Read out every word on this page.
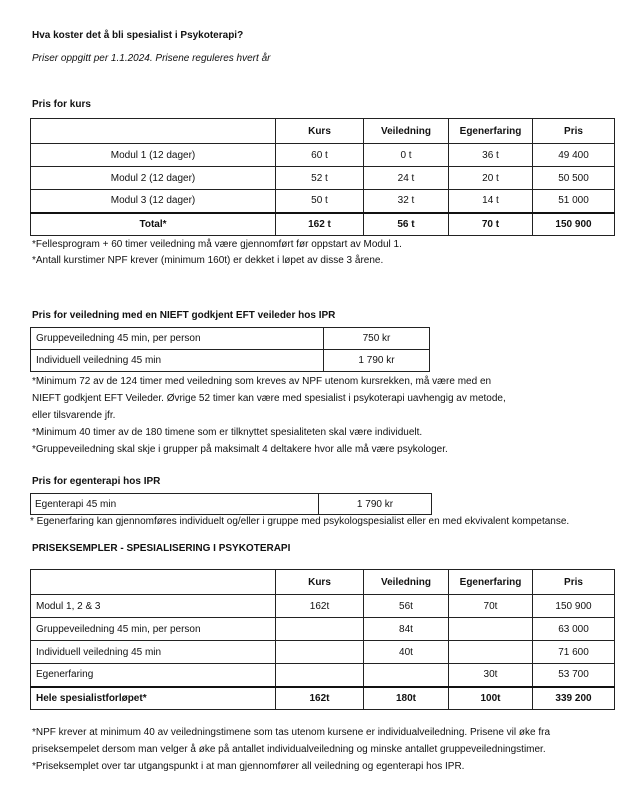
Hva koster det å bli spesialist i Psykoterapi?
Priser oppgitt per 1.1.2024. Prisene reguleres hvert år
Pris for kurs
	Kurs	Veiledning	Egenerfaring	Pris
Modul 1 (12 dager)	60 t	0 t	36 t	49 400
Modul 2 (12 dager)	52 t	24 t	20 t	50 500
Modul 3 (12 dager)	50 t	32 t	14 t	51 000
Total*	162 t	56 t	70 t	150 900
*Fellesprogram + 60 timer veiledning må være gjennomført før oppstart av Modul 1.
*Antall kurstimer NPF krever (minimum 160t) er dekket i løpet av disse 3 årene.
Pris for veiledning med en NIEFT godkjent EFT veileder hos IPR
Gruppeveiledning 45 min, per person	750 kr
Individuell veiledning 45 min	1 790 kr
*Minimum 72 av de 124 timer med veiledning som kreves av NPF utenom kursrekken, må være med en
NIEFT godkjent EFT Veileder. Øvrige 52 timer kan være med spesialist i psykoterapi uavhengig av metode,
eller tilsvarende jfr.
*Minimum 40 timer av de 180 timene som er tilknyttet spesialiteten skal være individuelt.
*Gruppeveiledning skal skje i grupper på maksimalt 4 deltakere hvor alle må være psykologer.
Pris for egenterapi hos IPR
Egenterapi 45 min	1 790 kr
* Egenerfaring kan gjennomføres individuelt og/eller i gruppe med psykologspesialist eller en med ekvivalent kompetanse.
PRISEKSEMPLER - SPESIALISERING I PSYKOTERAPI
	Kurs	Veiledning	Egenerfaring	Pris
Modul 1, 2 & 3	162t	56t	70t	150 900
Gruppeveiledning 45 min, per person		84t		63 000
Individuell veiledning 45 min		40t		71 600
Egenerfaring			30t	53 700
Hele spesialistforløpet*	162t	180t	100t	339 200
*NPF krever at minimum 40 av veiledningstimene som tas utenom kursene er individualveiledning. Prisene vil øke fra
priseksempelet dersom man velger å øke på antallet individualveiledning og minske antallet gruppeveiledningstimer.
*Priseksemplet over tar utgangspunkt i at man gjennomfører all veiledning og egenterapi hos IPR.
